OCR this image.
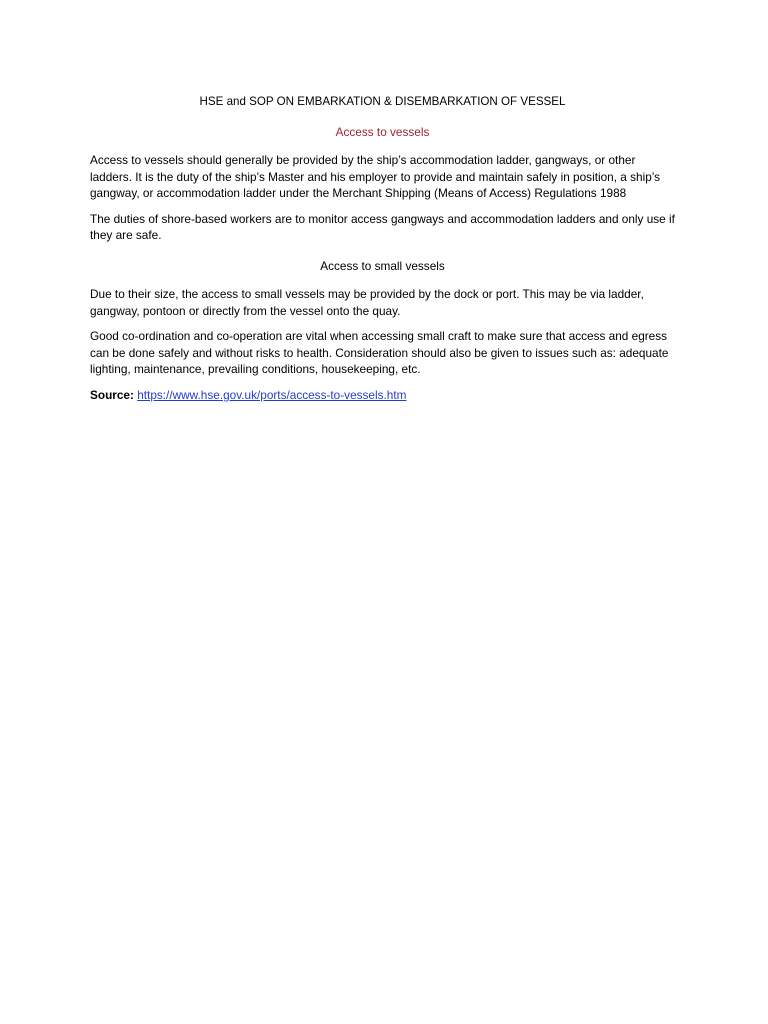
HSE and SOP ON EMBARKATION & DISEMBARKATION OF VESSEL
Access to vessels

Access to vessels should generally be provided by the ship’s accommodation ladder, gangways, or other ladders. It is the duty of the ship’s Master and his employer to provide and maintain safely in position, a ship’s gangway, or accommodation ladder under the Merchant Shipping (Means of Access) Regulations 1988

The duties of shore-based workers are to monitor access gangways and accommodation ladders and only use if they are safe.

Access to small vessels

Due to their size, the access to small vessels may be provided by the dock or port. This may be via ladder, gangway, pontoon or directly from the vessel onto the quay.

Good co-ordination and co-operation are vital when accessing small craft to make sure that access and egress can be done safely and without risks to health. Consideration should also be given to issues such as: adequate lighting, maintenance, prevailing conditions, housekeeping, etc.

Source: https://www.hse.gov.uk/ports/access-to-vessels.htm
